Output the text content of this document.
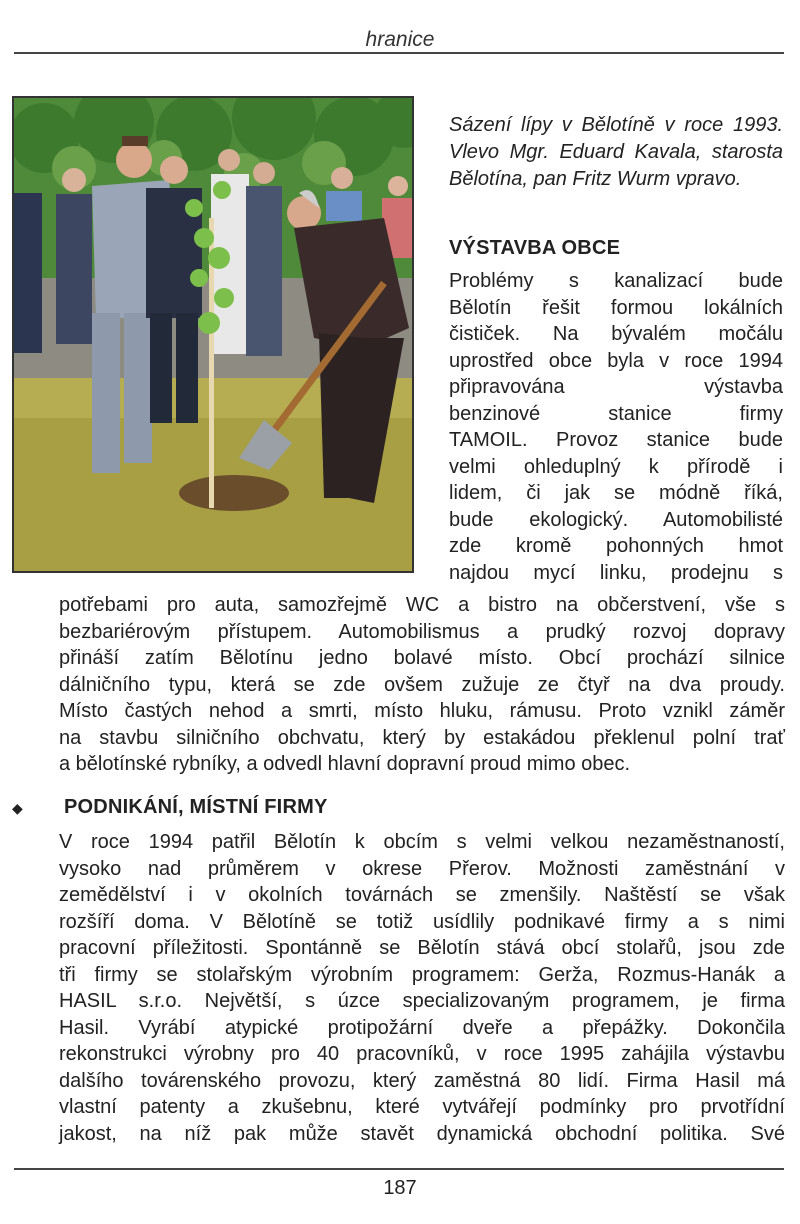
hranice
Sázení lípy v Bělotíně v roce 1993. Vlevo Mgr. Eduard Kavala, starosta Bělotína, pan Fritz Wurm vpravo.
VÝSTAVBA OBCE
Problémy s kanalizací bude
Bělotín řešit formou lokálních
čističek. Na bývalém močálu
uprostřed obce byla v roce 1994
připravována výstavba
benzinové stanice firmy
TAMOIL. Provoz stanice bude
velmi ohleduplný k přírodě i
lidem, či jak se módně říká,
bude ekologický. Automobilisté
zde kromě pohonných hmot
najdou mycí linku, prodejnu s
potřebami pro auta, samozřejmě WC a bistro na občerstvení, vše s
bezbariérovým přístupem. Automobilismus a prudký rozvoj dopravy
přináší zatím Bělotínu jedno bolavé místo. Obcí prochází silnice
dálničního typu, která se zde ovšem zužuje ze čtyř na dva proudy.
Místo častých nehod a smrti, místo hluku, rámusu. Proto vznikl záměr
na stavbu silničního obchvatu, který by estakádou překlenul polní trať
a bělotínské rybníky, a odvedl hlavní dopravní proud mimo obec.
◆ PODNIKÁNÍ, MÍSTNÍ FIRMY
V roce 1994 patřil Bělotín k obcím s velmi velkou nezaměstnaností,
vysoko nad průměrem v okrese Přerov. Možnosti zaměstnání v
zemědělství i v okolních továrnách se zmenšily. Naštěstí se však
rozšíří doma. V Bělotíně se totiž usídlily podnikavé firmy a s nimi
pracovní příležitosti. Spontánně se Bělotín stává obcí stolařů, jsou zde
tři firmy se stolařským výrobním programem: Gerža, Rozmus-Hanák a
HASIL s.r.o. Největší, s úzce specializovaným programem, je firma
Hasil. Vyrábí atypické protipožární dveře a přepážky. Dokončila
rekonstrukci výrobny pro 40 pracovníků, v roce 1995 zahájila výstavbu
dalšího továrenského provozu, který zaměstná 80 lidí. Firma Hasil má
vlastní patenty a zkušebnu, které vytvářejí podmínky pro prvotřídní
jakost, na níž pak může stavět dynamická obchodní politika. Své
187
